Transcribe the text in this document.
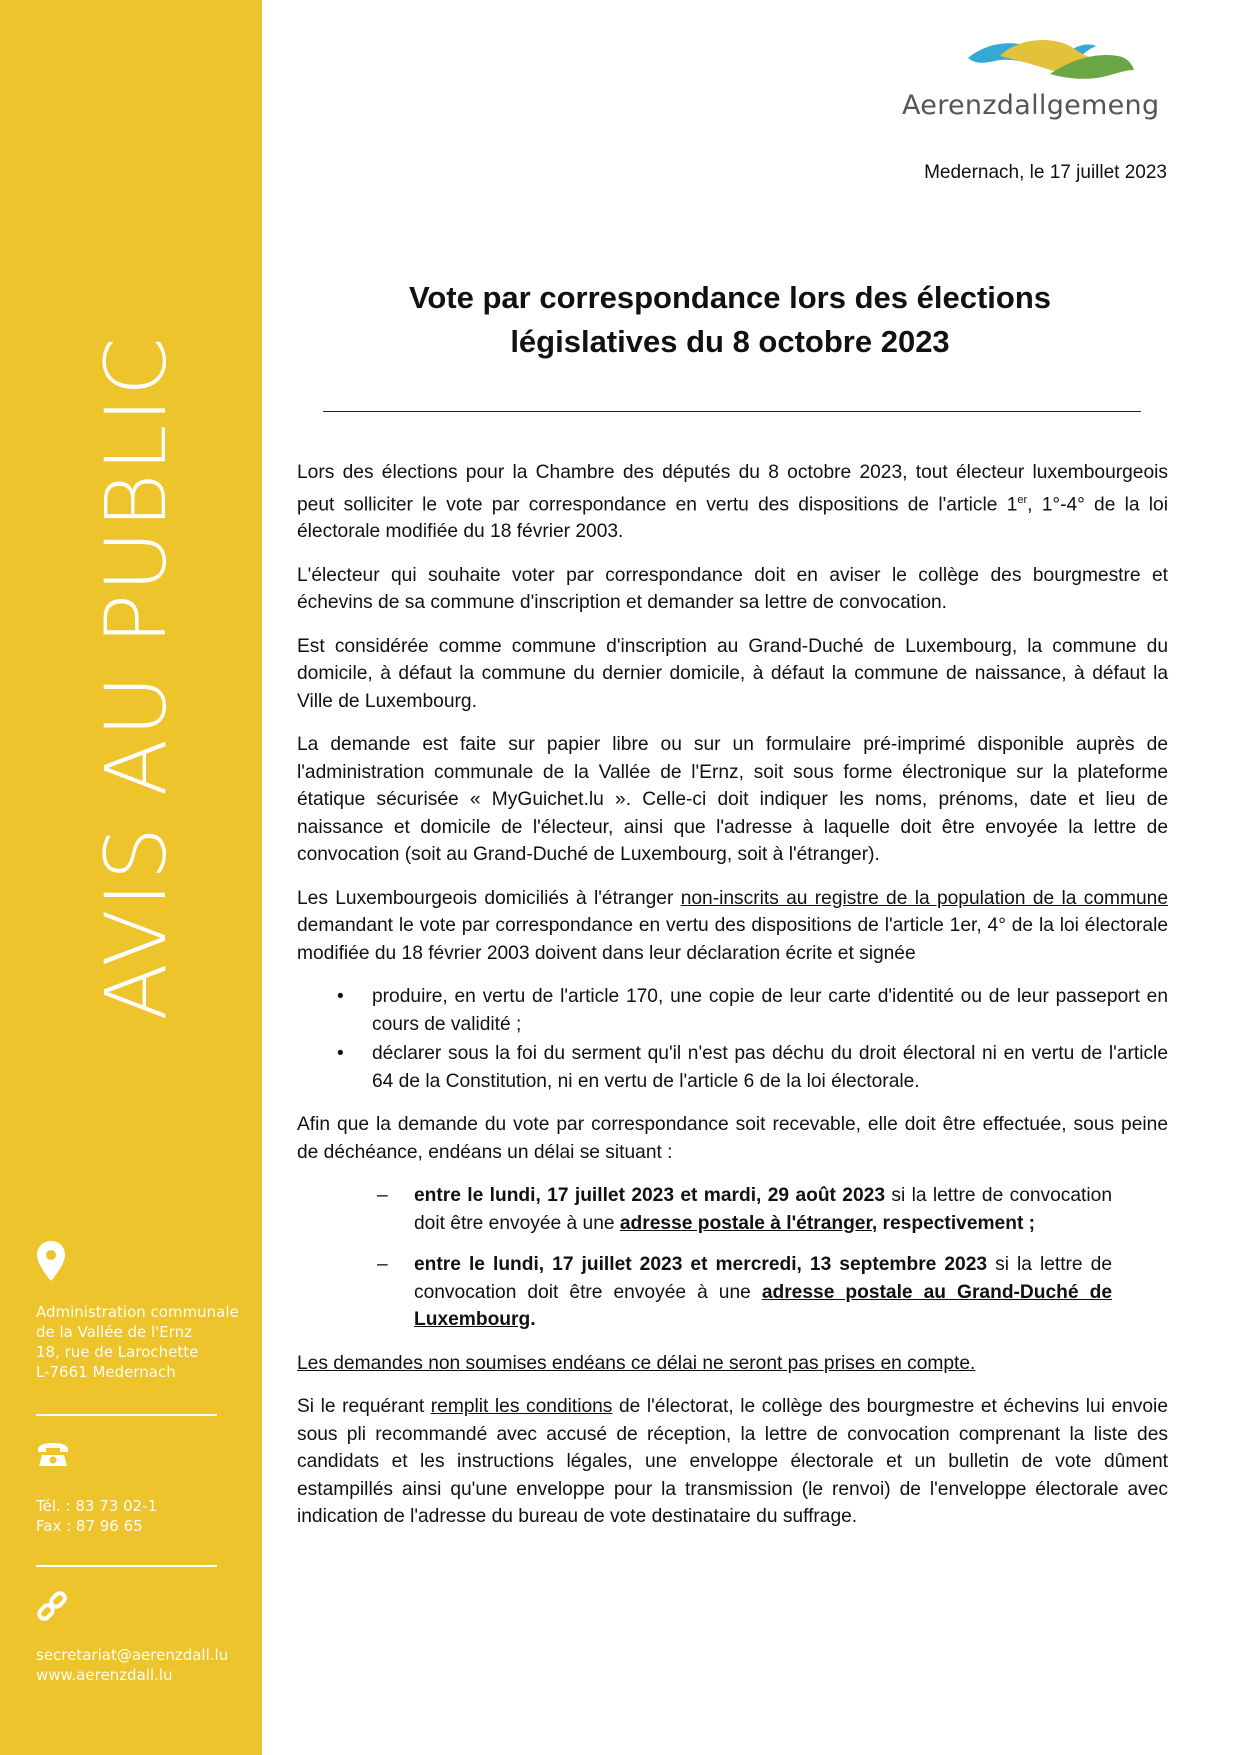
AVIS AU PUBLIC
Administration communale
de la Vallée de l'Ernz
18, rue de Larochette
L-7661 Medernach
Tél. : 83 73 02-1
Fax : 87 96 65
secretariat@aerenzdall.lu
www.aerenzdall.lu
Aerenzdallgemeng
Medernach, le 17 juillet 2023
Vote par correspondance lors des élections
législatives du 8 octobre 2023

Lors des élections pour la Chambre des députés du 8 octobre 2023, tout électeur luxembourgeois peut solliciter le vote par correspondance en vertu des dispositions de l'article 1er, 1°-4° de la loi électorale modifiée du 18 février 2003.

L'électeur qui souhaite voter par correspondance doit en aviser le collège des bourgmestre et échevins de sa commune d'inscription et demander sa lettre de convocation.

Est considérée comme commune d'inscription au Grand-Duché de Luxembourg, la commune du domicile, à défaut la commune du dernier domicile, à défaut la commune de naissance, à défaut la Ville de Luxembourg.

La demande est faite sur papier libre ou sur un formulaire pré-imprimé disponible auprès de l'administration communale de la Vallée de l'Ernz, soit sous forme électronique sur la plateforme étatique sécurisée « MyGuichet.lu ». Celle-ci doit indiquer les noms, prénoms, date et lieu de naissance et domicile de l'électeur, ainsi que l'adresse à laquelle doit être envoyée la lettre de convocation (soit au Grand-Duché de Luxembourg, soit à l'étranger).

Les Luxembourgeois domiciliés à l'étranger non-inscrits au registre de la population de la commune demandant le vote par correspondance en vertu des dispositions de l'article 1er, 4° de la loi électorale modifiée du 18 février 2003 doivent dans leur déclaration écrite et signée

• produire, en vertu de l'article 170, une copie de leur carte d'identité ou de leur passeport en cours de validité ;
• déclarer sous la foi du serment qu'il n'est pas déchu du droit électoral ni en vertu de l'article 64 de la Constitution, ni en vertu de l'article 6 de la loi électorale.

Afin que la demande du vote par correspondance soit recevable, elle doit être effectuée, sous peine de déchéance, endéans un délai se situant :

– entre le lundi, 17 juillet 2023 et mardi, 29 août 2023 si la lettre de convocation doit être envoyée à une adresse postale à l'étranger, respectivement ;
– entre le lundi, 17 juillet 2023 et mercredi, 13 septembre 2023 si la lettre de convocation doit être envoyée à une adresse postale au Grand-Duché de Luxembourg.

Les demandes non soumises endéans ce délai ne seront pas prises en compte.

Si le requérant remplit les conditions de l'électorat, le collège des bourgmestre et échevins lui envoie sous pli recommandé avec accusé de réception, la lettre de convocation comprenant la liste des candidats et les instructions légales, une enveloppe électorale et un bulletin de vote dûment estampillés ainsi qu'une enveloppe pour la transmission (le renvoi) de l'enveloppe électorale avec indication de l'adresse du bureau de vote destinataire du suffrage.
